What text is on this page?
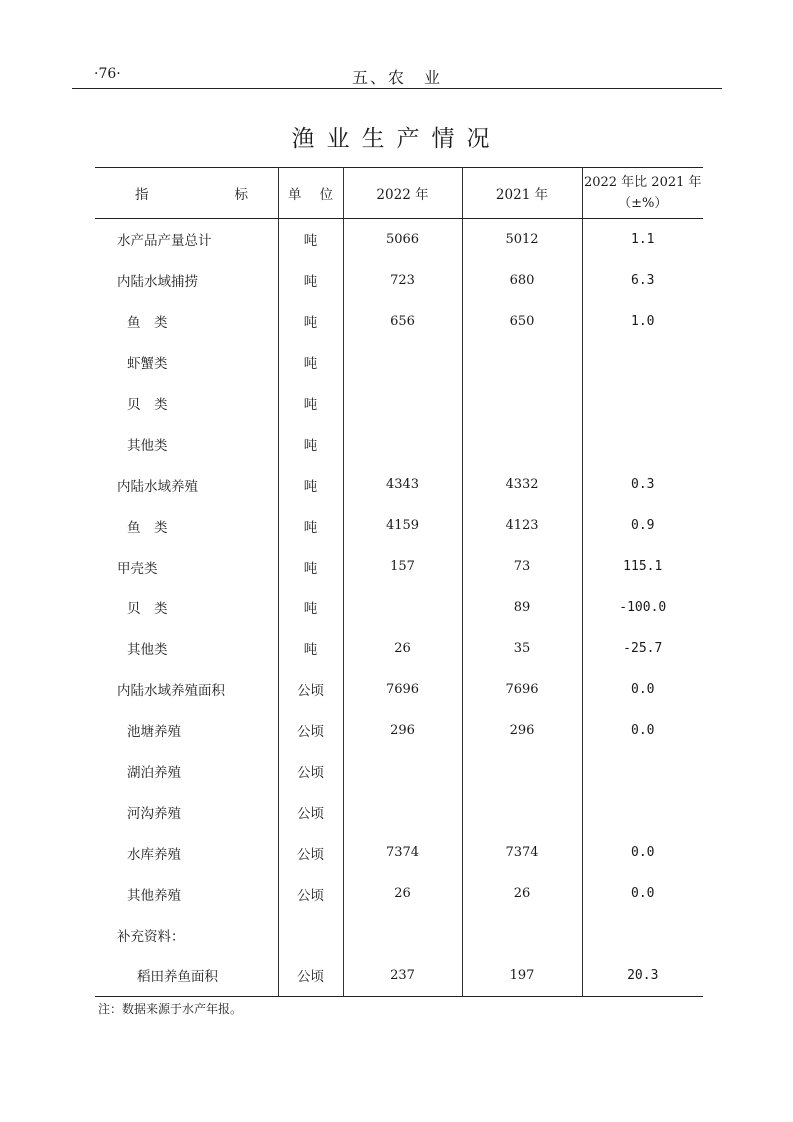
·76·	五、农　业
渔业生产情况
指 标	单 位	2022 年	2021 年	2022 年比 2021 年
（±%）

水产品产量总计	吨	5066	5012	1.1
内陆水域捕捞	吨	723	680	6.3
鱼　类	吨	656	650	1.0
虾蟹类	吨			
贝　类	吨			
其他类	吨			
内陆水域养殖	吨	4343	4332	0.3
鱼　类	吨	4159	4123	0.9
甲壳类	吨	157	73	115.1
贝　类	吨		89	-100.0
其他类	吨	26	35	-25.7
内陆水域养殖面积	公顷	7696	7696	0.0
池塘养殖	公顷	296	296	0.0
湖泊养殖	公顷			
河沟养殖	公顷			
水库养殖	公顷	7374	7374	0.0
其他养殖	公顷	26	26	0.0
补充资料：				
稻田养鱼面积	公顷	237	197	20.3
注：数据来源于水产年报。
